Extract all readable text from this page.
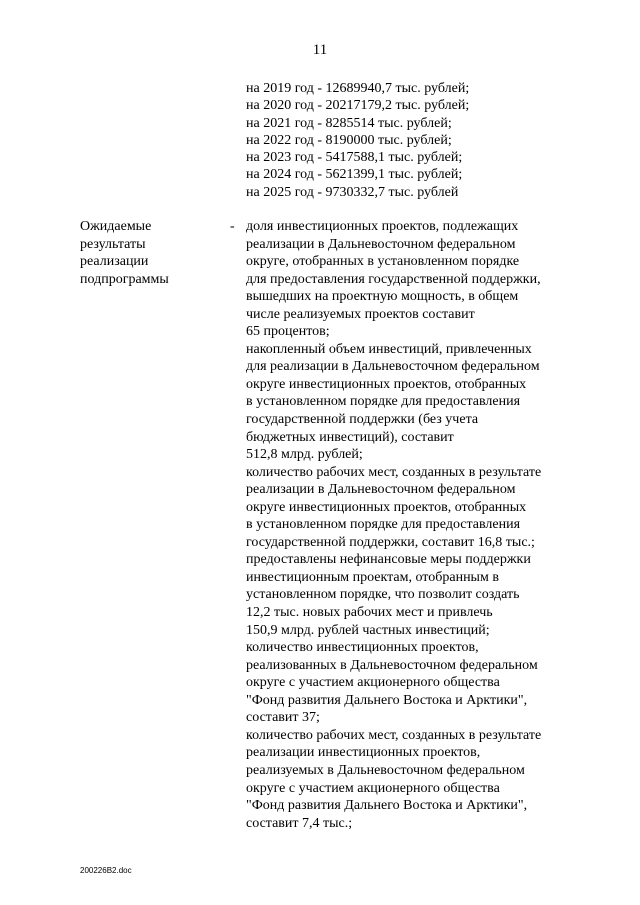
11
на 2019 год - 12689940,7 тыс. рублей;
на 2020 год - 20217179,2 тыс. рублей;
на 2021 год - 8285514 тыс. рублей;
на 2022 год - 8190000 тыс. рублей;
на 2023 год - 5417588,1 тыс. рублей;
на 2024 год - 5621399,1 тыс. рублей;
на 2025 год - 9730332,7 тыс. рублей
Ожидаемые
результаты
реализации
подпрограммы
- доля инвестиционных проектов, подлежащих
реализации в Дальневосточном федеральном
округе, отобранных в установленном порядке
для предоставления государственной поддержки,
вышедших на проектную мощность, в общем
числе реализуемых проектов составит
65 процентов;
накопленный объем инвестиций, привлеченных
для реализации в Дальневосточном федеральном
округе инвестиционных проектов, отобранных
в установленном порядке для предоставления
государственной поддержки (без учета
бюджетных инвестиций), составит
512,8 млрд. рублей;
количество рабочих мест, созданных в результате
реализации в Дальневосточном федеральном
округе инвестиционных проектов, отобранных
в установленном порядке для предоставления
государственной поддержки, составит 16,8 тыс.;
предоставлены нефинансовые меры поддержки
инвестиционным проектам, отобранным в
установленном порядке, что позволит создать
12,2 тыс. новых рабочих мест и привлечь
150,9 млрд. рублей частных инвестиций;
количество инвестиционных проектов,
реализованных в Дальневосточном федеральном
округе с участием акционерного общества
"Фонд развития Дальнего Востока и Арктики",
составит 37;
количество рабочих мест, созданных в результате
реализации инвестиционных проектов,
реализуемых в Дальневосточном федеральном
округе с участием акционерного общества
"Фонд развития Дальнего Востока и Арктики",
составит 7,4 тыс.;
200226В2.doc
